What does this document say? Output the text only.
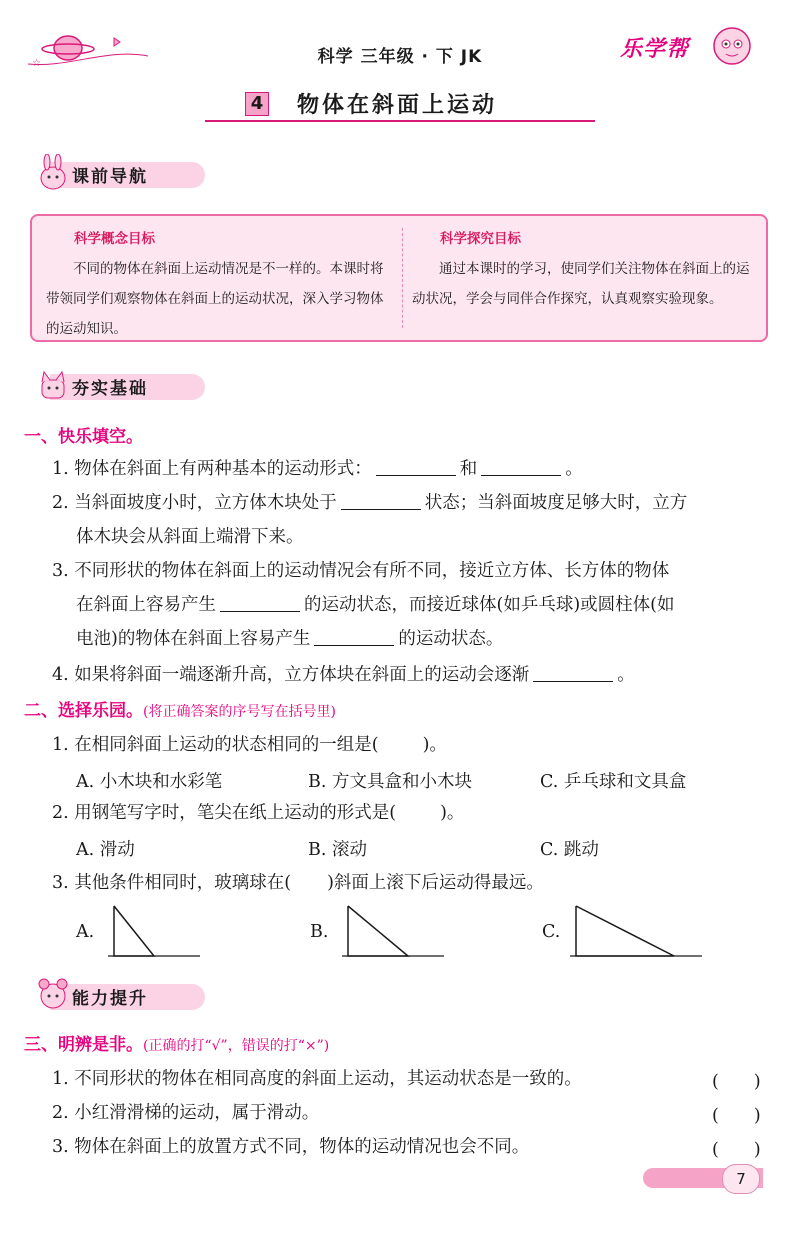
☆	科学 三年级 · 下 JK	乐学帮
4 物体在斜面上运动
课前导航
科学概念目标

不同的物体在斜面上运动情况是不一样的。本课时将带领同学们观察物体在斜面上的运动状况，深入学习物体的运动知识。

科学探究目标

通过本课时的学习，使同学们关注物体在斜面上的运动状况，学会与同伴合作探究，认真观察实验现象。

夯实基础
一、快乐填空。
1. 物体在斜面上有两种基本的运动形式：	和	。
2. 当斜面坡度小时，立方体木块处于	状态；当斜面坡度足够大时，立方
体木块会从斜面上端滑下来。
3. 不同形状的物体在斜面上的运动情况会有所不同，接近立方体、长方体的物体
在斜面上容易产生	的运动状态，而接近球体(如乒乓球)或圆柱体(如
电池)的物体在斜面上容易产生	的运动状态。
4. 如果将斜面一端逐渐升高，立方体块在斜面上的运动会逐渐	。
二、选择乐园。(将正确答案的序号写在括号里)
1. 在相同斜面上运动的状态相同的一组是(	)。
A. 小木块和水彩笔	B. 方文具盒和小木块	C. 乒乓球和文具盒
2. 用钢笔写字时，笔尖在纸上运动的形式是(	)。
A. 滑动	B. 滚动	C. 跳动
3. 其他条件相同时，玻璃球在( )斜面上滚下后运动得最远。
A.	B.	C.
能力提升
三、明辨是非。(正确的打“√”，错误的打“×”)
1. 不同形状的物体在相同高度的斜面上运动，其运动状态是一致的。	(　　)
2. 小红滑滑梯的运动，属于滑动。	(　　)
3. 物体在斜面上的放置方式不同，物体的运动情况也会不同。	(　　)
7
